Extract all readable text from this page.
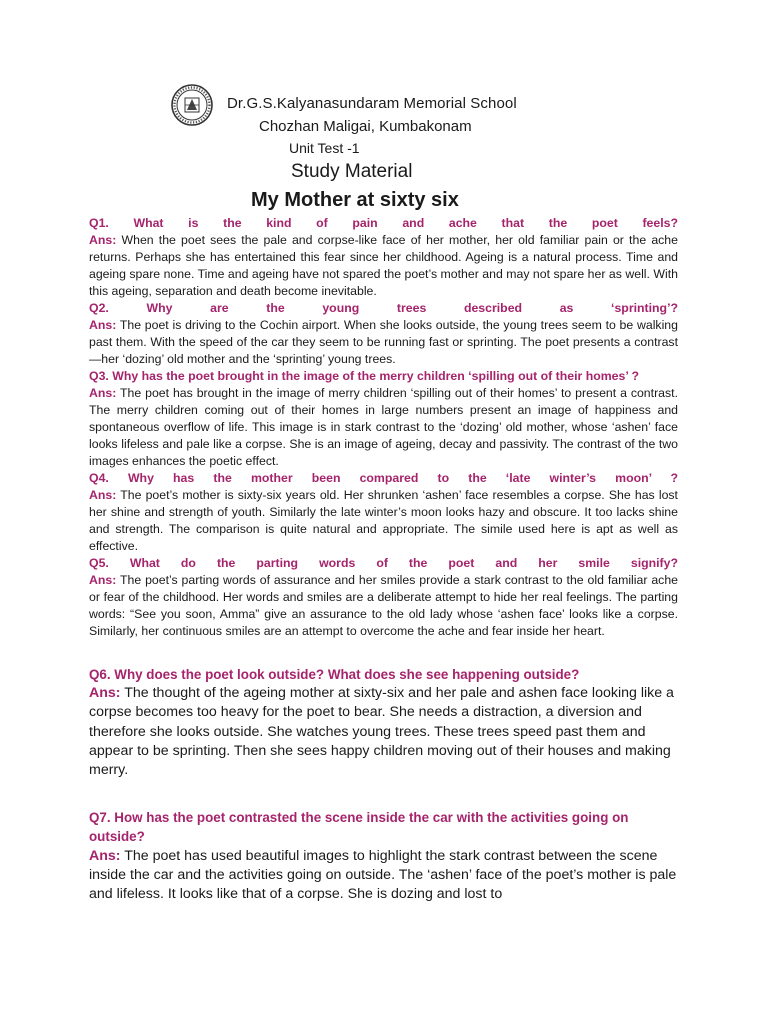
Dr.G.S.Kalyanasundaram Memorial School
Chozhan Maligai, Kumbakonam
Unit Test -1
Study Material
My Mother at sixty six

Q1. What is the kind of pain and ache that the poet feels?

Ans: When the poet sees the pale and corpse-like face of her mother, her old familiar pain or the ache returns. Perhaps she has entertained this fear since her childhood. Ageing is a natural process. Time and ageing spare none. Time and ageing have not spared the poet’s mother and may not spare her as well. With this ageing, separation and death become inevitable.

Q2. Why are the young trees described as ‘sprinting’?

Ans: The poet is driving to the Cochin airport. When she looks outside, the young trees seem to be walking past them. With the speed of the car they seem to be running fast or sprinting. The poet presents a contrast—her ‘dozing’ old mother and the ‘sprinting’ young trees.

Q3. Why has the poet brought in the image of the merry children ‘spilling out of their homes’ ?

Ans: The poet has brought in the image of merry children ‘spilling out of their homes’ to present a contrast. The merry children coming out of their homes in large numbers present an image of happiness and spontaneous overflow of life. This image is in stark contrast to the ‘dozing’ old mother, whose ‘ashen’ face looks lifeless and pale like a corpse. She is an image of ageing, decay and passivity. The contrast of the two images enhances the poetic effect.

Q4. Why has the mother been compared to the ‘late winter’s moon’ ?

Ans: The poet’s mother is sixty-six years old. Her shrunken ‘ashen’ face resembles a corpse. She has lost her shine and strength of youth. Similarly the late winter’s moon looks hazy and obscure. It too lacks shine and strength. The comparison is quite natural and appropriate. The simile used here is apt as well as effective.

Q5. What do the parting words of the poet and her smile signify?

Ans: The poet’s parting words of assurance and her smiles provide a stark contrast to the old familiar ache or fear of the childhood. Her words and smiles are a deliberate attempt to hide her real feelings. The parting words: “See you soon, Amma” give an assurance to the old lady whose ‘ashen face’ looks like a corpse. Similarly, her continuous smiles are an attempt to overcome the ache and fear inside her heart.

Q6. Why does the poet look outside? What does she see happening outside?

Ans: The thought of the ageing mother at sixty-six and her pale and ashen face looking like a corpse becomes too heavy for the poet to bear. She needs a distraction, a diversion and therefore she looks outside. She watches young trees. These trees speed past them and appear to be sprinting. Then she sees happy children moving out of their houses and making merry.

Q7. How has the poet contrasted the scene inside the car with the activities going on outside?

Ans: The poet has used beautiful images to highlight the stark contrast between the scene inside the car and the activities going on outside. The ‘ashen’ face of the poet’s mother is pale and lifeless. It looks like that of a corpse. She is dozing and lost to
